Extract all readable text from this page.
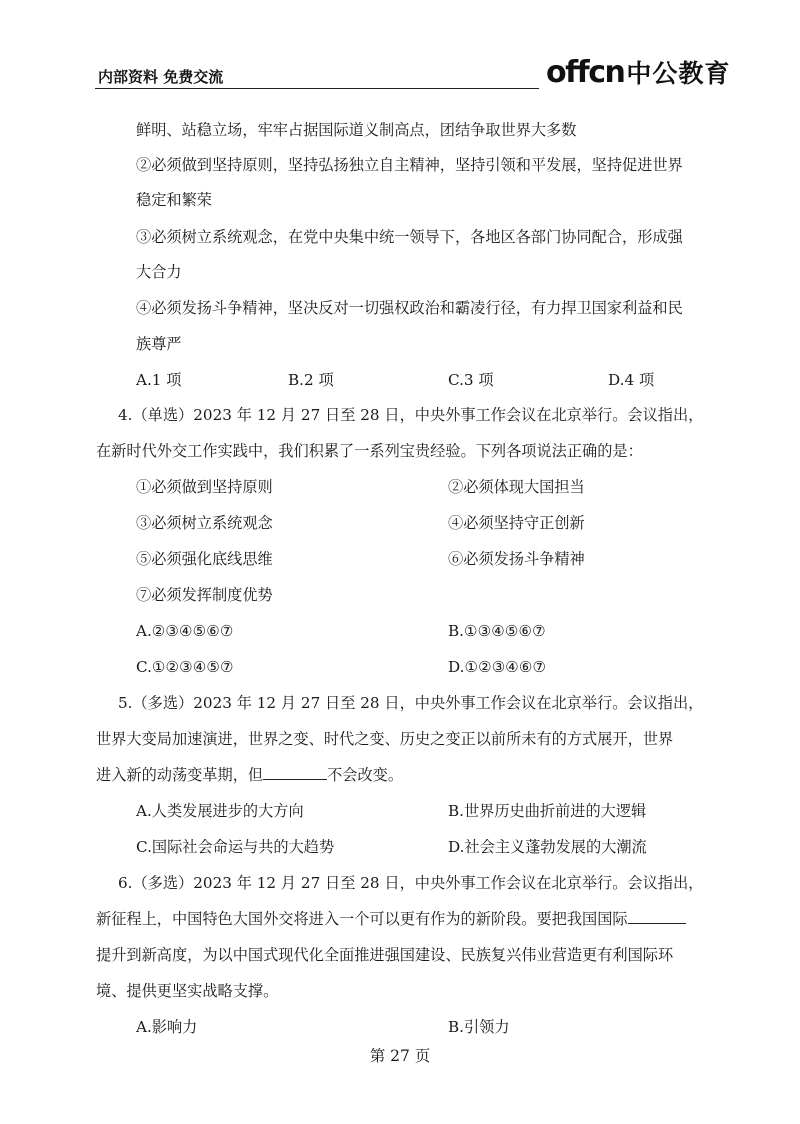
内部资料 免费交流	offcn中公教育
鲜明、站稳立场，牢牢占据国际道义制高点，团结争取世界大多数
②必须做到坚持原则，坚持弘扬独立自主精神，坚持引领和平发展，坚持促进世界
稳定和繁荣
③必须树立系统观念，在党中央集中统一领导下，各地区各部门协同配合，形成强
大合力
④必须发扬斗争精神，坚决反对一切强权政治和霸凌行径，有力捍卫国家利益和民
族尊严
A.1 项	B.2 项	C.3 项	D.4 项
4.（单选）2023 年 12 月 27 日至 28 日，中央外事工作会议在北京举行。会议指出，
在新时代外交工作实践中，我们积累了一系列宝贵经验。下列各项说法正确的是：
①必须做到坚持原则	②必须体现大国担当
③必须树立系统观念	④必须坚持守正创新
⑤必须强化底线思维	⑥必须发扬斗争精神
⑦必须发挥制度优势
A.②③④⑤⑥⑦	B.①③④⑤⑥⑦
C.①②③④⑤⑦	D.①②③④⑥⑦
5.（多选）2023 年 12 月 27 日至 28 日，中央外事工作会议在北京举行。会议指出，
世界大变局加速演进，世界之变、时代之变、历史之变正以前所未有的方式展开，世界
进入新的动荡变革期，但	不会改变。
A.人类发展进步的大方向	B.世界历史曲折前进的大逻辑
C.国际社会命运与共的大趋势	D.社会主义蓬勃发展的大潮流
6.（多选）2023 年 12 月 27 日至 28 日，中央外事工作会议在北京举行。会议指出，
新征程上，中国特色大国外交将进入一个可以更有作为的新阶段。要把我国国际
提升到新高度，为以中国式现代化全面推进强国建设、民族复兴伟业营造更有利国际环
境、提供更坚实战略支撑。
A.影响力	B.引领力
第 27 页
